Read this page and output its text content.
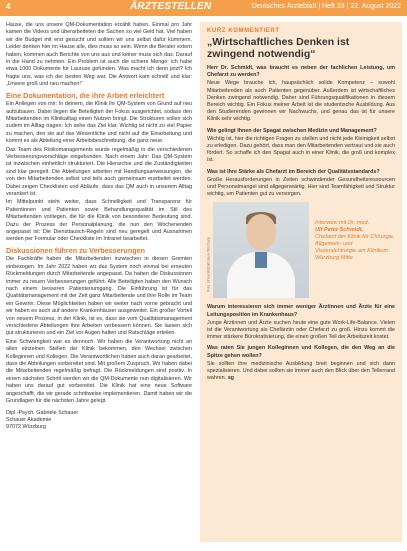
4	ÄRZTESTELLEN	Deutsches Ärzteblatt | Heft 33 | 22. August 2022

Hause, die uns unsere QM-Dokumentation erzählt haben. Einmal pro Jahr kamen die Videos und überarbeiteten die Sachen so viel Geld hat. Viel haben wir die Budget mit erst gesucht und sollten wir uns selbst dafür kümmern. Leider denken hier im Hause alle, dies muss so sein. Wenn die Berater extern haben, kommen auch Berichte von uns aus und keiner muss sich das. Darauf in die Hand zu nehmen. Ein Problem ist auch die schiere Menge: ich habe etwa 1000 Dokumente für Lauruse gefunden. Was macht ich denn jetzt? Ich fragte uns, was ich der besten Weg war. Die Antwort kam schnell und klar: „Unsere groß und neu machen!“

Eine Dokumentation, die ihre Arbeit erleichtert

Ein Anliegen von mir: In deinem, die Klinik ihr QM-System von Grund auf neu aufzubauen. Dabei liegen die Beteiligten der Fokus ausgerichtet, sodass den Mitarbeitenden im Klinikalltag einen Nutzen bringt. Die Strukturen sollen sich zudem im Alltag tragen: Ich sehe das Ziel klar. Wichtig ist nicht zu viel Papier zu machen, den sie auf das Wesentliche und nicht auf die Einarbeitung und kommt es als Abteilung einer Arbeitsbeschreibung, die ganz neue.

Das Team des Risikomanagements wurde regelmäßig in die verschiedenen Verbesserungsvorschläge eingebunden. Nach einem Jahr: Das QM-System ist inzwischen einheitlich strukturiert. Die Hierarchie und die Zuständigkeiten sind klar geregelt. Die Abteilungen arbeiten mit Handlungsanweisungen, die von den Mitarbeitenden selbst und teils auch gemeinsam erarbeitet werden. Dabei zeigen Checklisten und Abläufe, dass das QM auch in unserem Alltag verankert ist.

Im Mittelpunkt steht weiter, dass Schnelligkeit und Transparenz für Patientinnen und Patienten sowie Behandlungsqualität im Stil des Mitarbeitenden vorliegen, die für die Klinik von besonderer Bedeutung sind. Dazu der Prozess der Personalplanung, die nun den Wochenenden angepasst ist: Die Diensttausch-Regeln sind neu geregelt und Ausnahmen werden per Formular oder Checkliste im Intranet bearbeitet.

Diskussionen führen zu Verbesserungen

Die Fachkräfte haben die Mitarbeitenden inzwischen in diesen Gremien einbezogen. Im Jahr 2022 haben wir das System noch einmal bei erneuten Rückmeldungen durch Mitarbeitende angepasst. Da haben die Diskussionen immer zu neuen Verbesserungen geführt. Alle Beteiligten haben den Wunsch nach einem besseren Patientenumgang. Die Einführung ist für das Qualitätsmanagement mit der Zeit ganz Mitarbeitende und ihre Rolle im Team ein Gewinn. Diese Möglichkeiten haben wir weiter nach vorne gebracht und wir haben es auch auf andere Krankenhäuser ausgeweitet. Ein großer Vorteil von neuem Prozess, in der Klinik, ist es, dass sie vom Qualitätsmanagement verschiedene Abteilungen ihre Arbeiten verbessern können. Sie lassen sich gut strukturieren und ein Ziel vor Augen halten und Ratschläge erteilen.

Eine Schwierigkeit war es dennoch: Wir haben die Verantwortung nicht an allen einzelnen Stellen der Klinik bekommen, den Wechsel zwischen Kolleginnen und Kollegen. Die Verantwortlichen haben auch daran gearbeitet, dass die Abteilungen vorbereitet sind. Mit großem Zuspruch. Wir haben dabei die Mitarbeitenden regelmäßig befragt. Die Rückmeldungen sind positiv. In einem nächsten Schritt werden wir die QM-Dokumente nun digitalisieren. Wir haben uns darauf gut vorbereitet. Die Klinik hat eine neue Software angeschafft, die wir gerade schrittweise implementieren. Damit haben wir die Grundlagen für die nächsten Jahre gelegt.

Dipl.-Psych. Gabriele Schauer
Schauer Akademie
97072 Würzburg
KURZ KOMMENTIERT
„Wirtschaftliches Denken ist zwingend notwendig“

Herr Dr. Schmidt, was braucht es neben der fachlichen Leistung, um Chefarzt zu werden?

Neue Wege brauche ich, haupsächlich solide Kompetenz – sowohl Mitarbeitenden als auch Patienten gegenüber. Außerdem ist wirtschaftliches Denken zwingend notwendig. Daher sind Führungsqualifikationen in diesem Bereich wichtig. Ein Fokus meiner Arbeit ist die studentische Ausbildung. Aus den Studierenden gewinnen wir Nachwuchs, und genau das ist für unsere Klinik sehr wichtig.

Wie gelingt Ihnen der Spagat zwischen Medizin und Management?

Wichtig ist, hier die richtigen Fragen zu stellen und nicht jede Kleinigkeit selbst zu erledigen. Dazu gehört, dass man den Mitarbeitenden vertraut und sie auch fördert. So schaffe ich den Spagat auch in einer Klinik, die groß und komplex ist.

Was ist Ihre Stärke als Chefarzt im Bereich der Qualitätsstandards?

Große Herausforderungen in Zeiten schwindender Gesundheitsressourcen und Personalmangel sind allgegenwärtig. Hier sind Teamfähigkeit und Struktur wichtig, um Patienten gut zu versorgen.

Foto: Universitätsklinikum Würzburg
Interview mit Dr. med.
Ulf Peter Schmidt,
Chefarzt der Klinik für Chirurgie, Allgemein- und Viszeralchirurgie am Klinikum Würzburg Mitte

Warum interessieren sich immer weniger Ärztinnen und Ärzte für eine Leitungsposition im Krankenhaus?

Junge Ärztinnen und Ärzte suchen heute eine gute Work-Life-Balance. Vielen ist die Verantwortung als Chefärztin oder Chefarzt zu groß. Hinzu kommt die immer stärkere Bürokratisierung, die einen großen Teil der Arbeitszeit kostet.

Was raten Sie jungen Kolleginnen und Kollegen, die den Weg an die Spitze gehen wollen?

Sie sollten ihre medizinische Ausbildung breit beginnen und sich dann spezialisieren. Und dabei sollten sie immer auch den Blick über den Tellerrand wahren. sg
